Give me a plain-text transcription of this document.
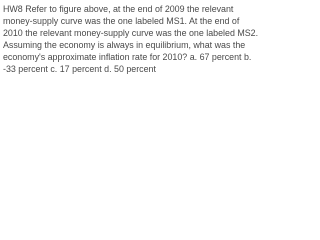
HW8 Refer to figure above, at the end of 2009 the relevant money-supply curve was the one labeled MS1. At the end of 2010 the relevant money-supply curve was the one labeled MS2. Assuming the economy is always in equilibrium, what was the economy's approximate inflation rate for 2010? a. 67 percent b. -33 percent c. 17 percent d. 50 percent
